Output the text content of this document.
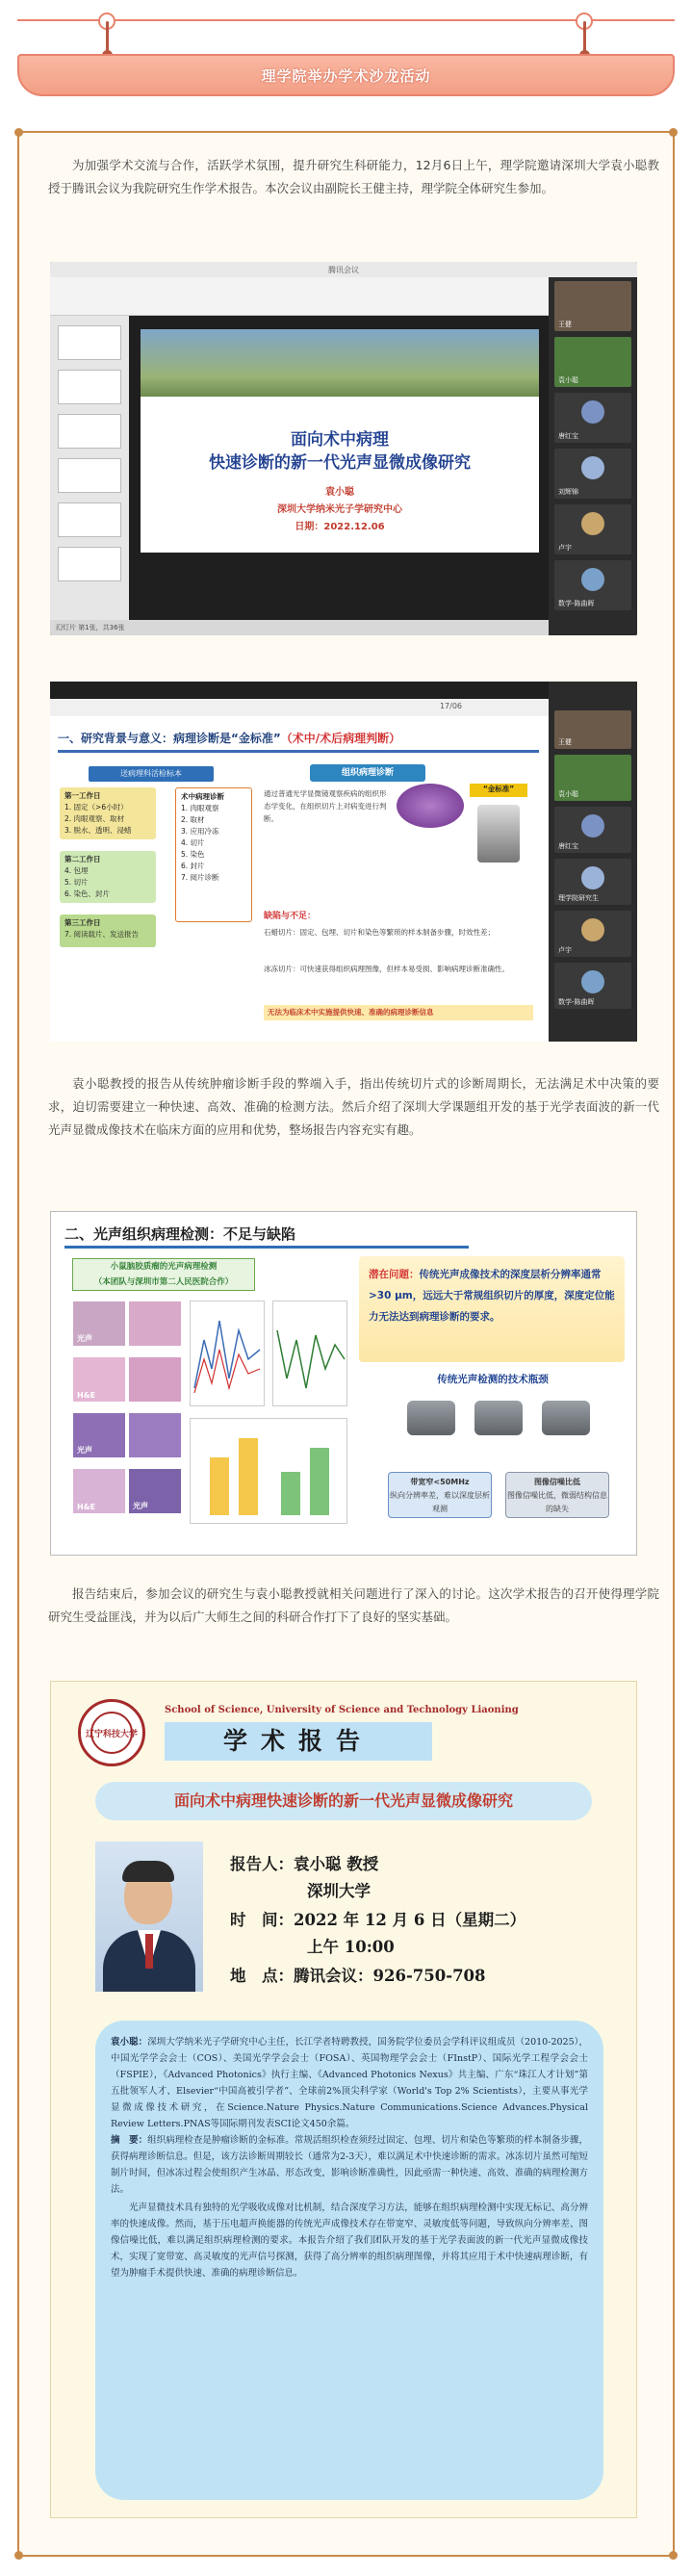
理学院举办学术沙龙活动

为加强学术交流与合作，活跃学术氛围，提升研究生科研能力，12月6日上午，理学院邀请深圳大学袁小聪教授于腾讯会议为我院研究生作学术报告。本次会议由副院长王健主持，理学院全体研究生参加。

腾讯会议
面向术中病理
快速诊断的新一代光声显微成像研究
袁小聪
深圳大学纳米光子学研究中心
日期：2022.12.06
幻灯片 第1张，共36张
王健
袁小聪
唐红宝
刘辉锦
卢宇
数学-陈曲晖
17/06
一、研究背景与意义：病理诊断是“金标准”（术中/术后病理判断）
送病理科活检标本
第一工作日
1. 固定（>6小时）
2. 肉眼观察、取材
3. 脱水、透明、浸蜡
第二工作日
4. 包埋
5. 切片
6. 染色、封片
第三工作日
7. 阅读载片、发送报告
术中病理诊断
1. 肉眼观察
2. 取材
3. 应用冷冻
4. 切片
5. 染色
6. 封片
7. 阅片诊断
组织病理诊断
通过普通光学显微镜观察疾病的组织形态学变化，在组织切片上对病变进行判断。
“金标准”
缺陷与不足：
石蜡切片：固定、包埋、切片和染色等繁琐的样本制备步骤，时效性差；
冰冻切片：可快速获得组织病理图像，但样本易受损、影响病理诊断准确性。
无法为临床术中实施提供快速、准确的病理诊断信息
王健
袁小聪
唐红宝
理学院研究生
卢宇
数学-陈曲晖

袁小聪教授的报告从传统肿瘤诊断手段的弊端入手，指出传统切片式的诊断周期长，无法满足术中决策的要求，迫切需要建立一种快速、高效、准确的检测方法。然后介绍了深圳大学课题组开发的基于光学表面波的新一代光声显微成像技术在临床方面的应用和优势，整场报告内容充实有趣。

二、光声组织病理检测：不足与缺陷
小鼠脑胶质瘤的光声病理检测
（本团队与深圳市第二人民医院合作）
光声
H&E
光声
H&E	光声
潜在问题：传统光声成像技术的深度层析分辨率通常>30 μm，远远大于常规组织切片的厚度，深度定位能力无法达到病理诊断的要求。
传统光声检测的技术瓶颈
带宽窄<50MHz
纵向分辨率差，难以深度层析观测
图像信噪比低
图像信噪比低，微弱结构信息的缺失

报告结束后，参加会议的研究生与袁小聪教授就相关问题进行了深入的讨论。这次学术报告的召开使得理学院研究生受益匪浅，并为以后广大师生之间的科研合作打下了良好的坚实基础。

辽宁科技大学
School of Science, University of Science and Technology Liaoning
学术报告
面向术中病理快速诊断的新一代光声显微成像研究
报告人：袁小聪 教授
深圳大学
时　间：2022 年 12 月 6 日（星期二）
上午 10:00
地　点：腾讯会议：926-750-708

袁小聪：深圳大学纳米光子学研究中心主任，长江学者特聘教授，国务院学位委员会学科评议组成员（2010-2025），中国光学学会会士（COS）、美国光学学会会士（FOSA）、英国物理学会会士（FInstP）、国际光学工程学会会士（FSPIE），《Advanced Photonics》执行主编、《Advanced Photonics Nexus》共主编、广东“珠江人才计划”第五批领军人才、Elsevier“中国高被引学者”、全球前2%顶尖科学家（World's Top 2% Scientists），主要从事光学显微成像技术研究，在Science.Nature Physics.Nature Communications.Science Advances.Physical Review Letters.PNAS等国际期刊发表SCI论文450余篇。

摘　要：组织病理检查是肿瘤诊断的金标准。常规活组织检查须经过固定、包埋、切片和染色等繁琐的样本制备步骤，获得病理诊断信息。但是，该方法诊断周期较长（通常为2-3天），难以满足术中快速诊断的需求。冰冻切片虽然可缩短制片时间，但冰冻过程会使组织产生冰晶、形态改变，影响诊断准确性，因此亟需一种快速、高效、准确的病理检测方法。

光声显微技术具有独特的光学吸收成像对比机制，结合深度学习方法，能够在组织病理检测中实现无标记、高分辨率的快速成像。然而，基于压电超声换能器的传统光声成像技术存在带宽窄、灵敏度低等问题，导致纵向分辨率差、图像信噪比低，难以满足组织病理检测的要求。本报告介绍了我们团队开发的基于光学表面波的新一代光声显微成像技术，实现了宽带宽、高灵敏度的光声信号探测，获得了高分辨率的组织病理图像，并将其应用于术中快速病理诊断，有望为肿瘤手术提供快速、准确的病理诊断信息。
